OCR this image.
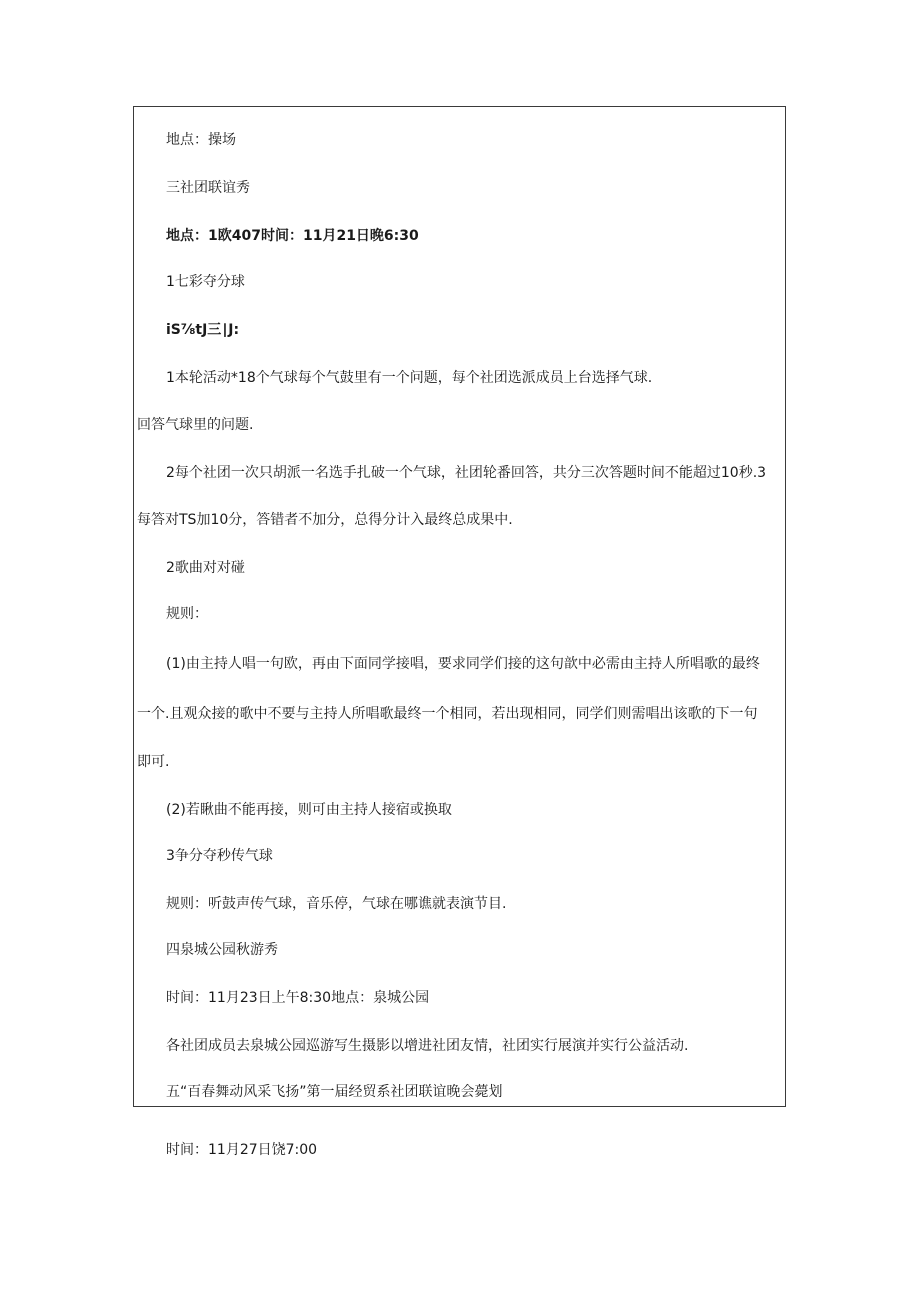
地点：操场
三社团联谊秀
地点：1欧407时间：11月21日晚6:30
1七彩夺分球
iS⅞tJ三∣J:
1本轮活动*18个气球每个气鼓里有一个问题，每个社团选派成员上台选择气球.
回答气球里的问题.
2每个社团一次只胡派一名选手扎破一个气球，社团轮番回答，共分三次答题时间不能超过10秒.3
每答对TS加10分，答错者不加分，总得分计入最终总成果中.
2歌曲对对碰
规则：
(1)由主持人唱一句欧，再由下面同学接唱，要求同学们接的这句歆中必需由主持人所唱歌的最终
一个.且观众接的歌中不要与主持人所唱歌最终一个相同，若出现相同，同学们则需唱出该歌的下一句
即可.
(2)若瞅曲不能再接，则可由主持人接宿或换取
3争分夺秒传气球
规则：听鼓声传气球，音乐停，气球在哪谯就表演节目.
四泉城公园秋游秀
时间：11月23日上午8:30地点：泉城公园
各社团成员去泉城公园巡游写生摄影以增进社团友情，社团实行展演并实行公益活动.
五“百春舞动风采飞扬”第一届经贸系社团联谊晚会薨划
时间：11月27日饶7:00
